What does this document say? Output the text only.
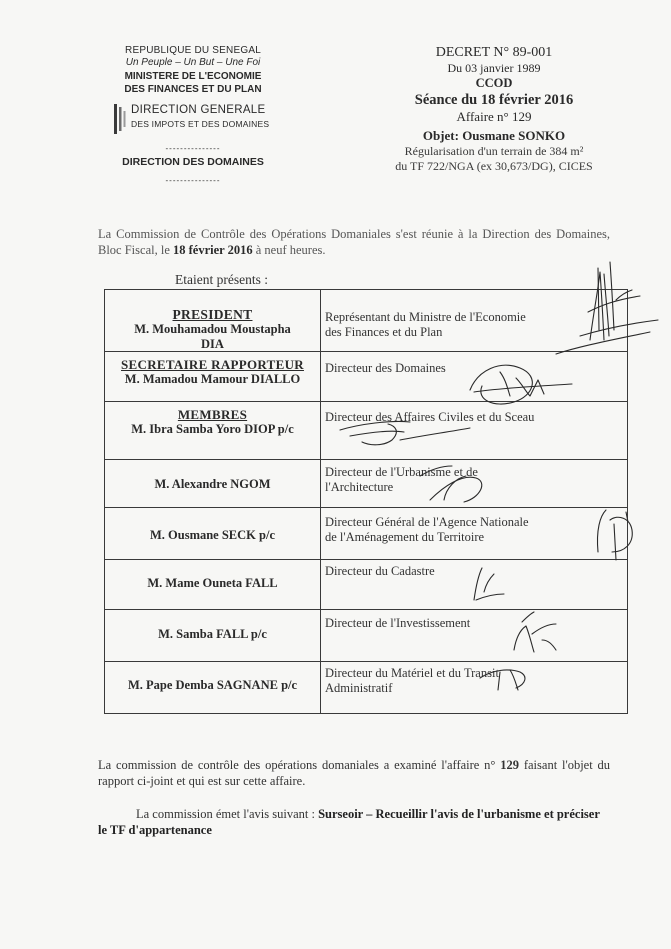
REPUBLIQUE DU SENEGAL
Un Peuple – Un But – Une Foi
MINISTERE DE L'ECONOMIE
DES FINANCES ET DU PLAN
DIRECTION GENERALE
DES IMPOTS ET DES DOMAINES
---------------
DIRECTION DES DOMAINES
---------------
DECRET N° 89-001
Du 03 janvier 1989
CCOD
Séance du 18 février 2016
Affaire n° 129
Objet: Ousmane SONKO
Régularisation d'un terrain de 384 m²
du TF 722/NGA (ex 30,673/DG), CICES
La Commission de Contrôle des Opérations Domaniales s'est réunie à la Direction des Domaines, Bloc Fiscal, le 18 février 2016 à neuf heures.
Etaient présents :
PRESIDENT
M. Mouhamadou Moustapha
DIA
Représentant du Ministre de l'Economie
des Finances et du Plan
SECRETAIRE RAPPORTEUR
M. Mamadou Mamour DIALLO
Directeur des Domaines
MEMBRES
M. Ibra Samba Yoro DIOP p/c
Directeur des Affaires Civiles et du Sceau
M. Alexandre NGOM
Directeur de l'Urbanisme et de
l'Architecture
M. Ousmane SECK p/c
Directeur Général de l'Agence Nationale
de l'Aménagement du Territoire
M. Mame Ouneta FALL
Directeur du Cadastre
M. Samba FALL p/c
Directeur de l'Investissement
M. Pape Demba SAGNANE p/c
Directeur du Matériel et du Transit
Administratif
La commission de contrôle des opérations domaniales a examiné l'affaire n° 129 faisant l'objet du rapport ci-joint et qui est sur cette affaire.
La commission émet l'avis suivant : Surseoir – Recueillir l'avis de l'urbanisme et préciser le TF d'appartenance
